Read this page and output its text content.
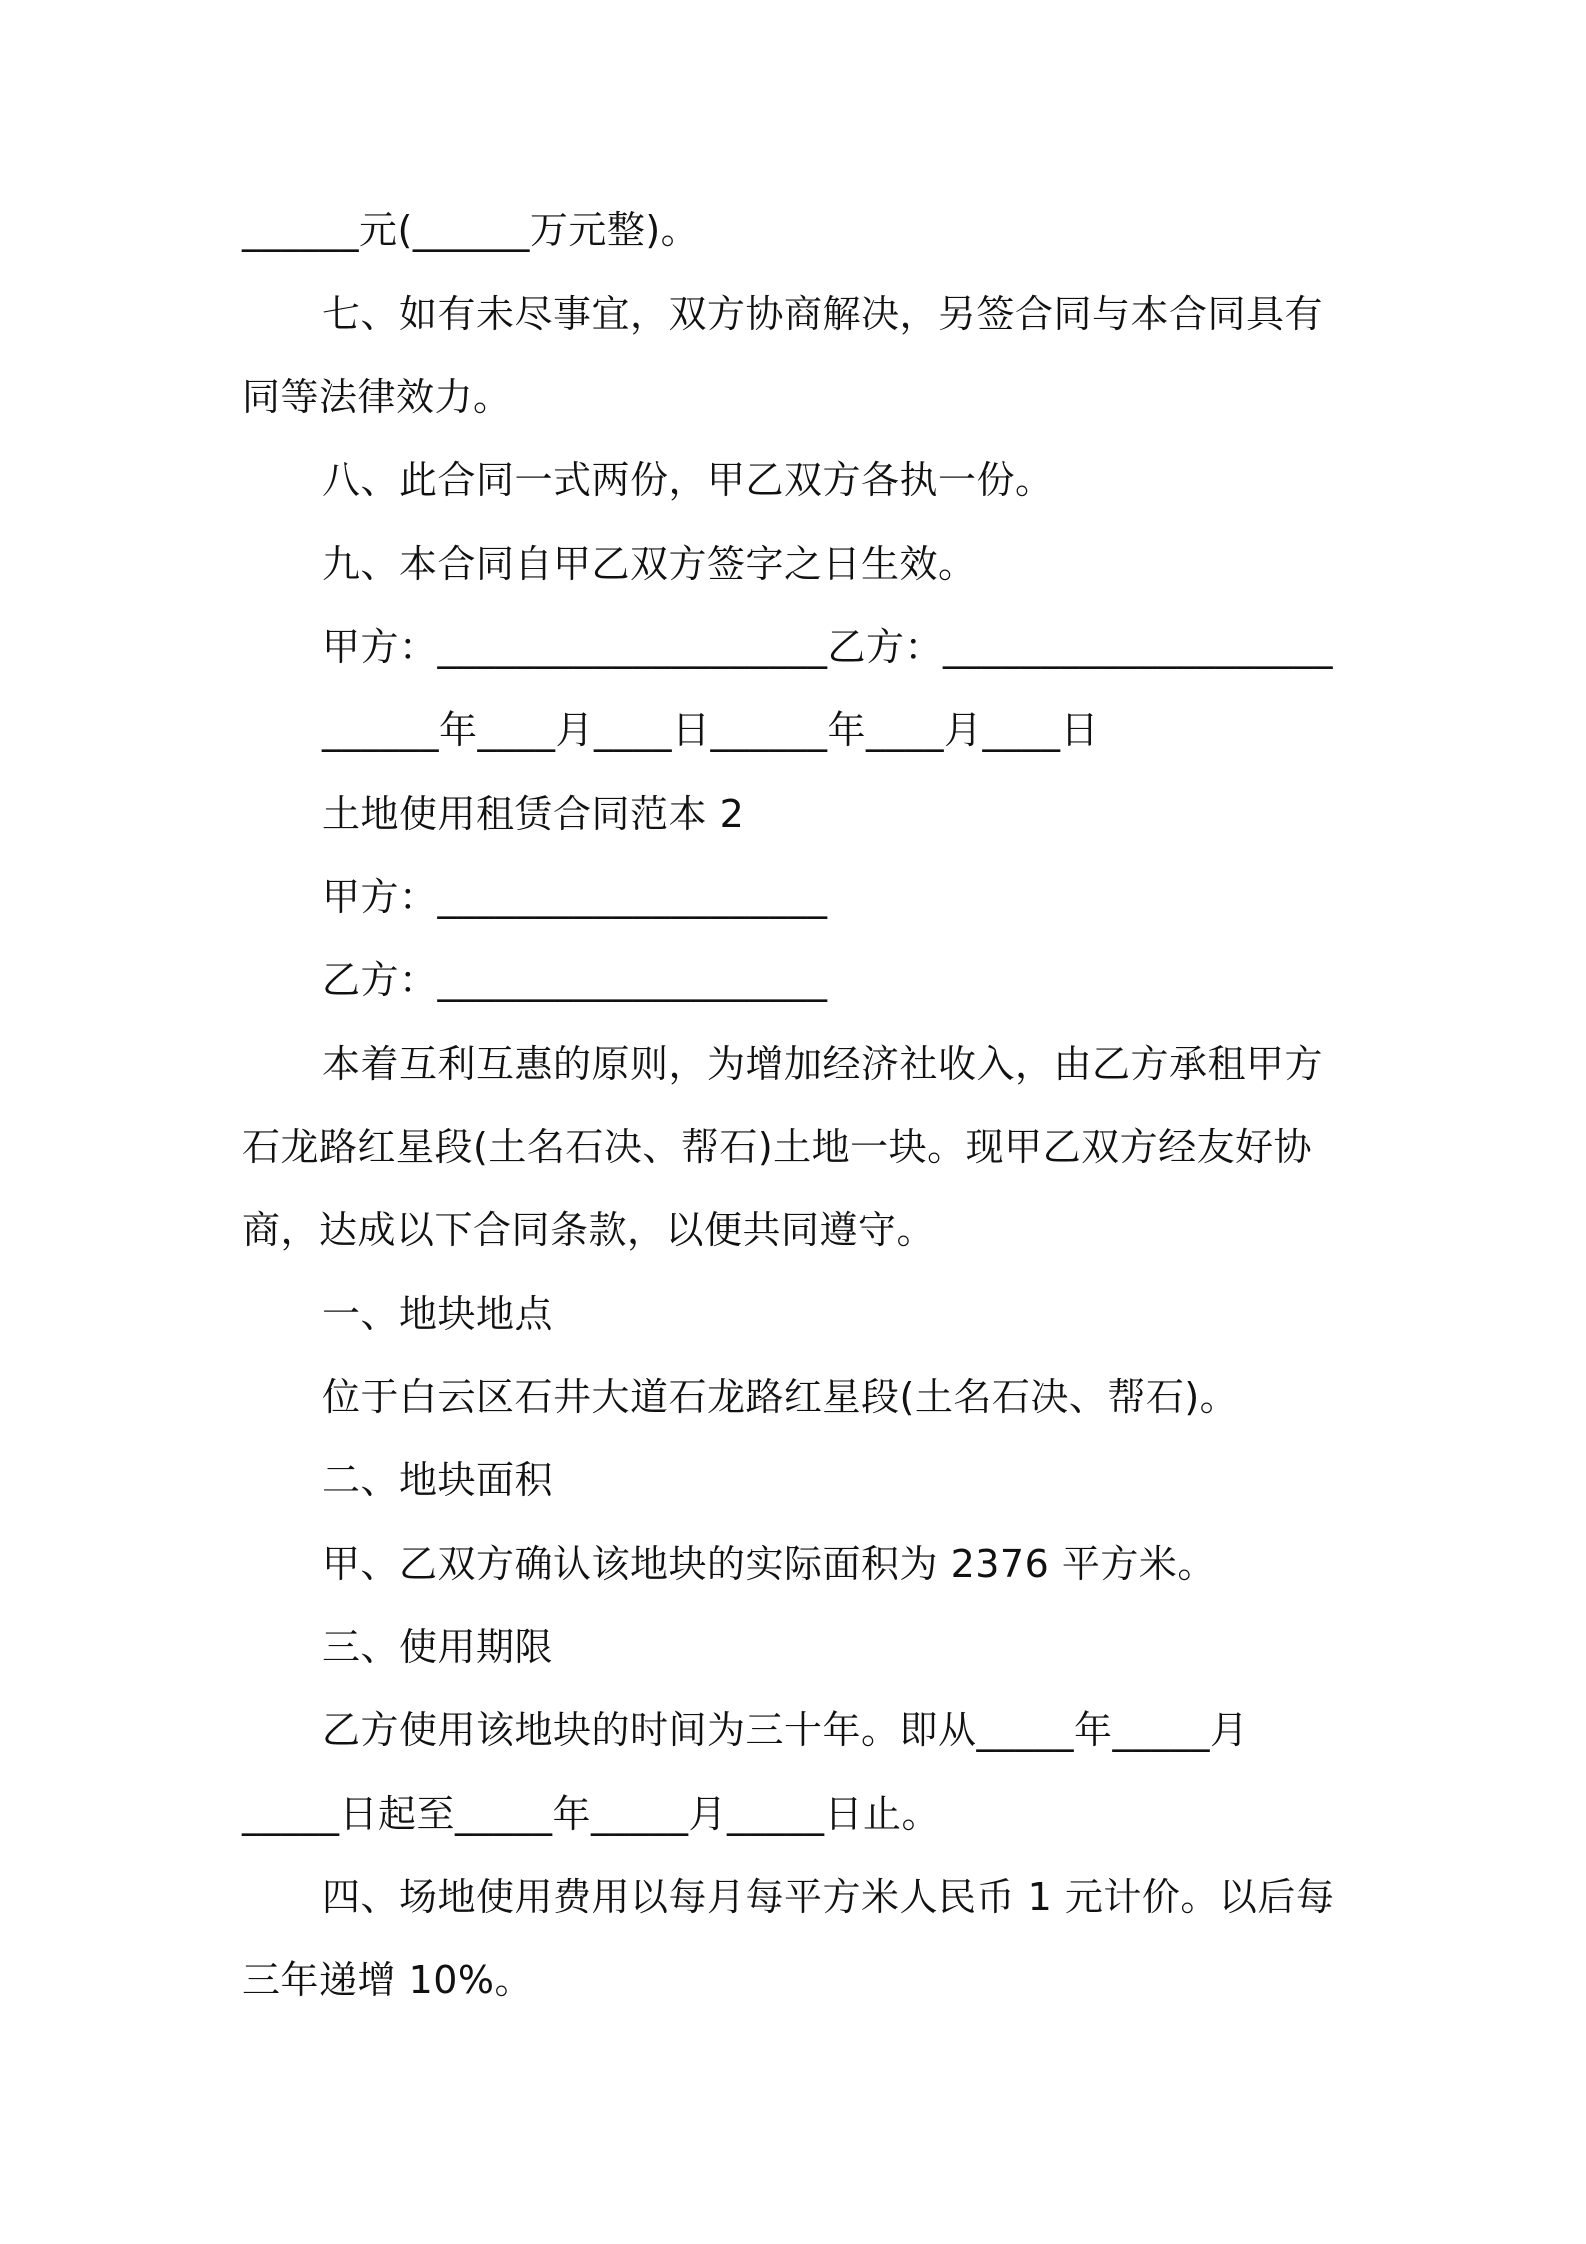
______元(______万元整)。
七、如有未尽事宜，双方协商解决，另签合同与本合同具有
同等法律效力。
八、此合同一式两份，甲乙双方各执一份。
九、本合同自甲乙双方签字之日生效。
甲方：____________________乙方：____________________
______年____月____日______年____月____日
土地使用租赁合同范本 2
甲方：____________________
乙方：____________________
本着互利互惠的原则，为增加经济社收入，由乙方承租甲方
石龙路红星段(土名石决、帮石)土地一块。现甲乙双方经友好协
商，达成以下合同条款，以便共同遵守。
一、地块地点
位于白云区石井大道石龙路红星段(土名石决、帮石)。
二、地块面积
甲、乙双方确认该地块的实际面积为 2376 平方米。
三、使用期限
乙方使用该地块的时间为三十年。即从_____年_____月
_____日起至_____年_____月_____日止。
四、场地使用费用以每月每平方米人民币 1 元计价。以后每
三年递增 10%。
